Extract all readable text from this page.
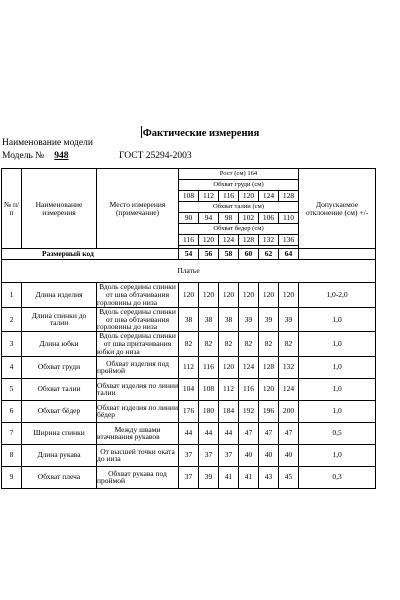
Фактические измерения
Наименование модели
Модель № 948	ГОСТ 25294-2003
№ п/п	Наименование измерения	Место измерения (примечание)	Рост (см) 164						Допускаемое отклонение (см) +/-
			Обхват груди (см)						
			108	112	116	120	124	128	
			Обхват талии (см)						
			90	94	98	102	106	110	
			Обхват бедер (см)						
			116	120	124	128	132	136	

Размерный код			54	56	58	60	62	64	
Платье									
1	Длина изделия	Вдоль середины спинки от шва обтачивания горловины до низа	120	120	120	120	120	120	1,0-2,0
2	Длина спинки до талии	Вдоль середины спинки от шва обтачивания горловины до низа	38	38	38	39	39	39	1,0
3	Длина юбки	Вдоль середины спинки от шва притачивания юбки до низа	82	82	82	82	82	82	1,0
4	Обхват груди	Обхват изделия под проймой	112	116	120	124	128	132	1,0
5	Обхват талии	Обхват изделия по линии талии	104	108	112	116	120	124	1,0
6	Обхват бёдер	Обхват изделия по линии бёдер	176	180	184	192	196	200	1,0
7	Ширина спинки	Между швами втачивания рукавов	44	44	44	47	47	47	0,5
8	Длина рукава	От высшей точки оката до низа	37	37	37	40	40	40	1,0
9	Обхват плеча	Обхват рукава под проймой	37	39	41	41	43	45	0,3
